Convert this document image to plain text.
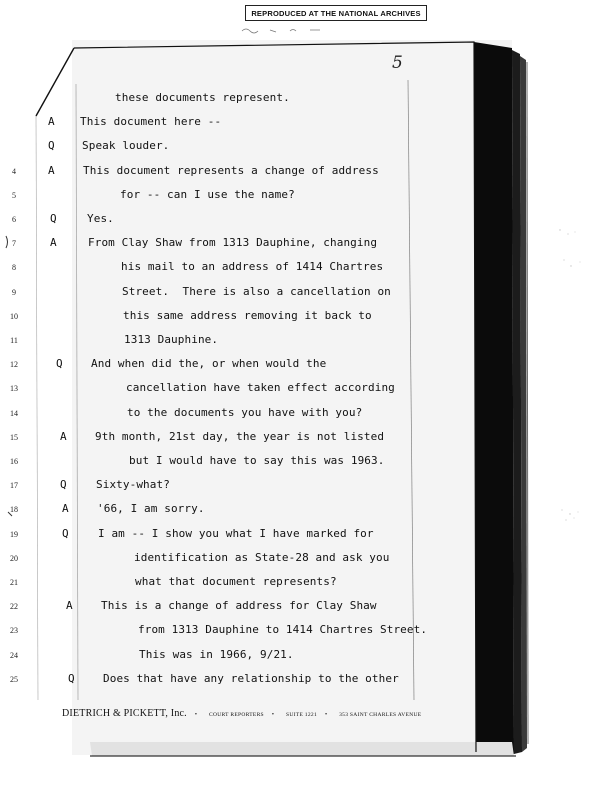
REPRODUCED AT THE NATIONAL ARCHIVES
5
these documents represent.
A This document here --
Q Speak louder.
4	A	This document represents a change of address
5	for -- can I use the name?
6	Q	Yes.
7	A	From Clay Shaw from 1313 Dauphine, changing
8	his mail to an address of 1414 Chartres
9	Street.  There is also a cancellation on
10	this same address removing it back to
11	1313 Dauphine.
12	Q	And when did the, or when would the
13	cancellation have taken effect according
14	to the documents you have with you?
15	A	9th month, 21st day, the year is not listed
16	but I would have to say this was 1963.
17	Q	Sixty-what?
18	A	'66, I am sorry.
19	Q	I am -- I show you what I have marked for
20	identification as State-28 and ask you
21	what that document represents?
22	A	This is a change of address for Clay Shaw
23	from 1313 Dauphine to 1414 Chartres Street.
24	This was in 1966, 9/21.
25	Q	Does that have any relationship to the other
DIETRICH & PICKETT, Inc. • COURT REPORTERS • SUITE 1221 • 353 SAINT CHARLES AVENUE
